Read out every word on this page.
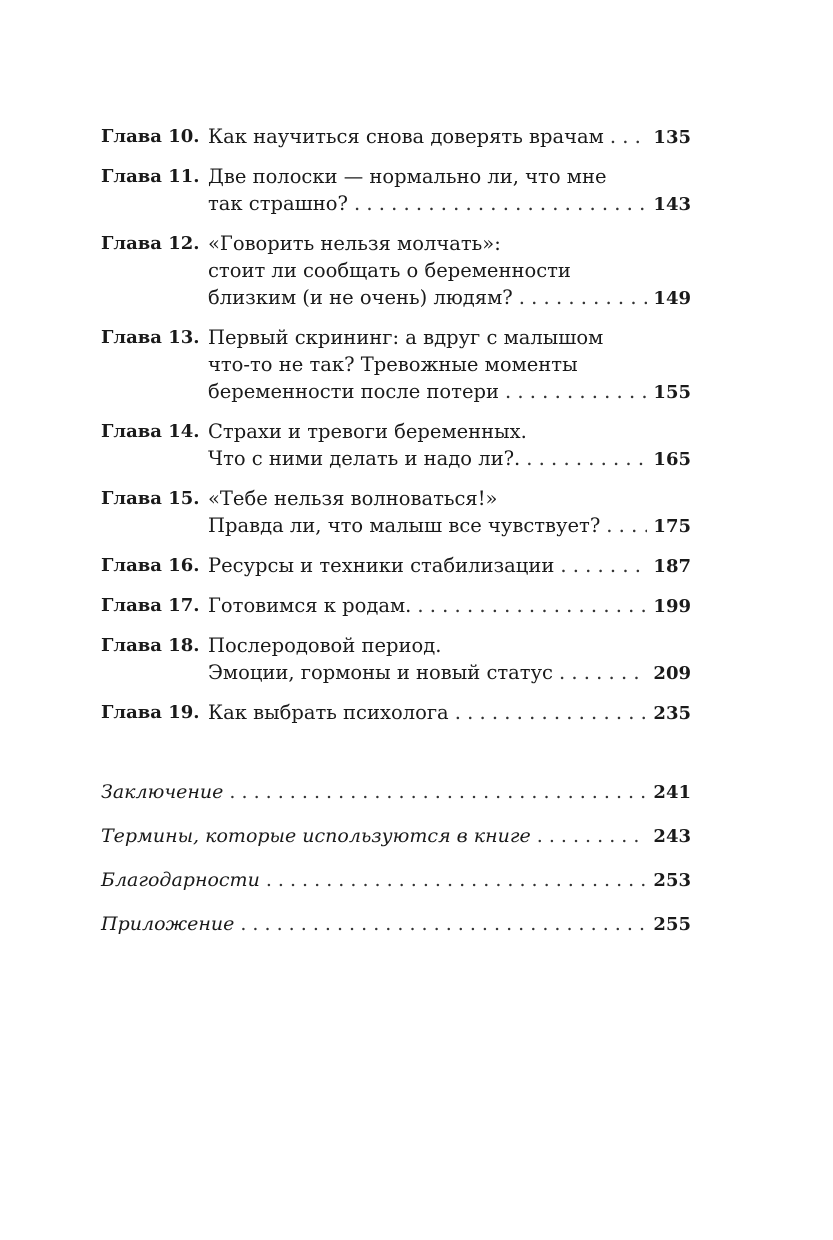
Глава 10. Как научиться снова доверять врачам . . .	135
Глава 11. Две полоски — нормально ли, что мне
так страшно? . . .	143
Глава 12. «Говорить нельзя молчать»:
стоит ли сообщать о беременности
близким (и не очень) людям? . . .	149
Глава 13. Первый скрининг: а вдруг с малышом
что-то не так? Тревожные моменты
беременности после потери . . .	155
Глава 14. Страхи и тревоги беременных.
Что с ними делать и надо ли?. . . .	165
Глава 15. «Тебе нельзя волноваться!»
Правда ли, что малыш все чувствует? . . .	175
Глава 16. Ресурсы и техники стабилизации . . .	187
Глава 17. Готовимся к родам. . . .	199
Глава 18. Послеродовой период.
Эмоции, гормоны и новый статус . . .	209
Глава 19. Как выбрать психолога . . .	235
Заключение . . .	241
Термины, которые используются в книге . . .	243
Благодарности . . .	253
Приложение . . .	255
